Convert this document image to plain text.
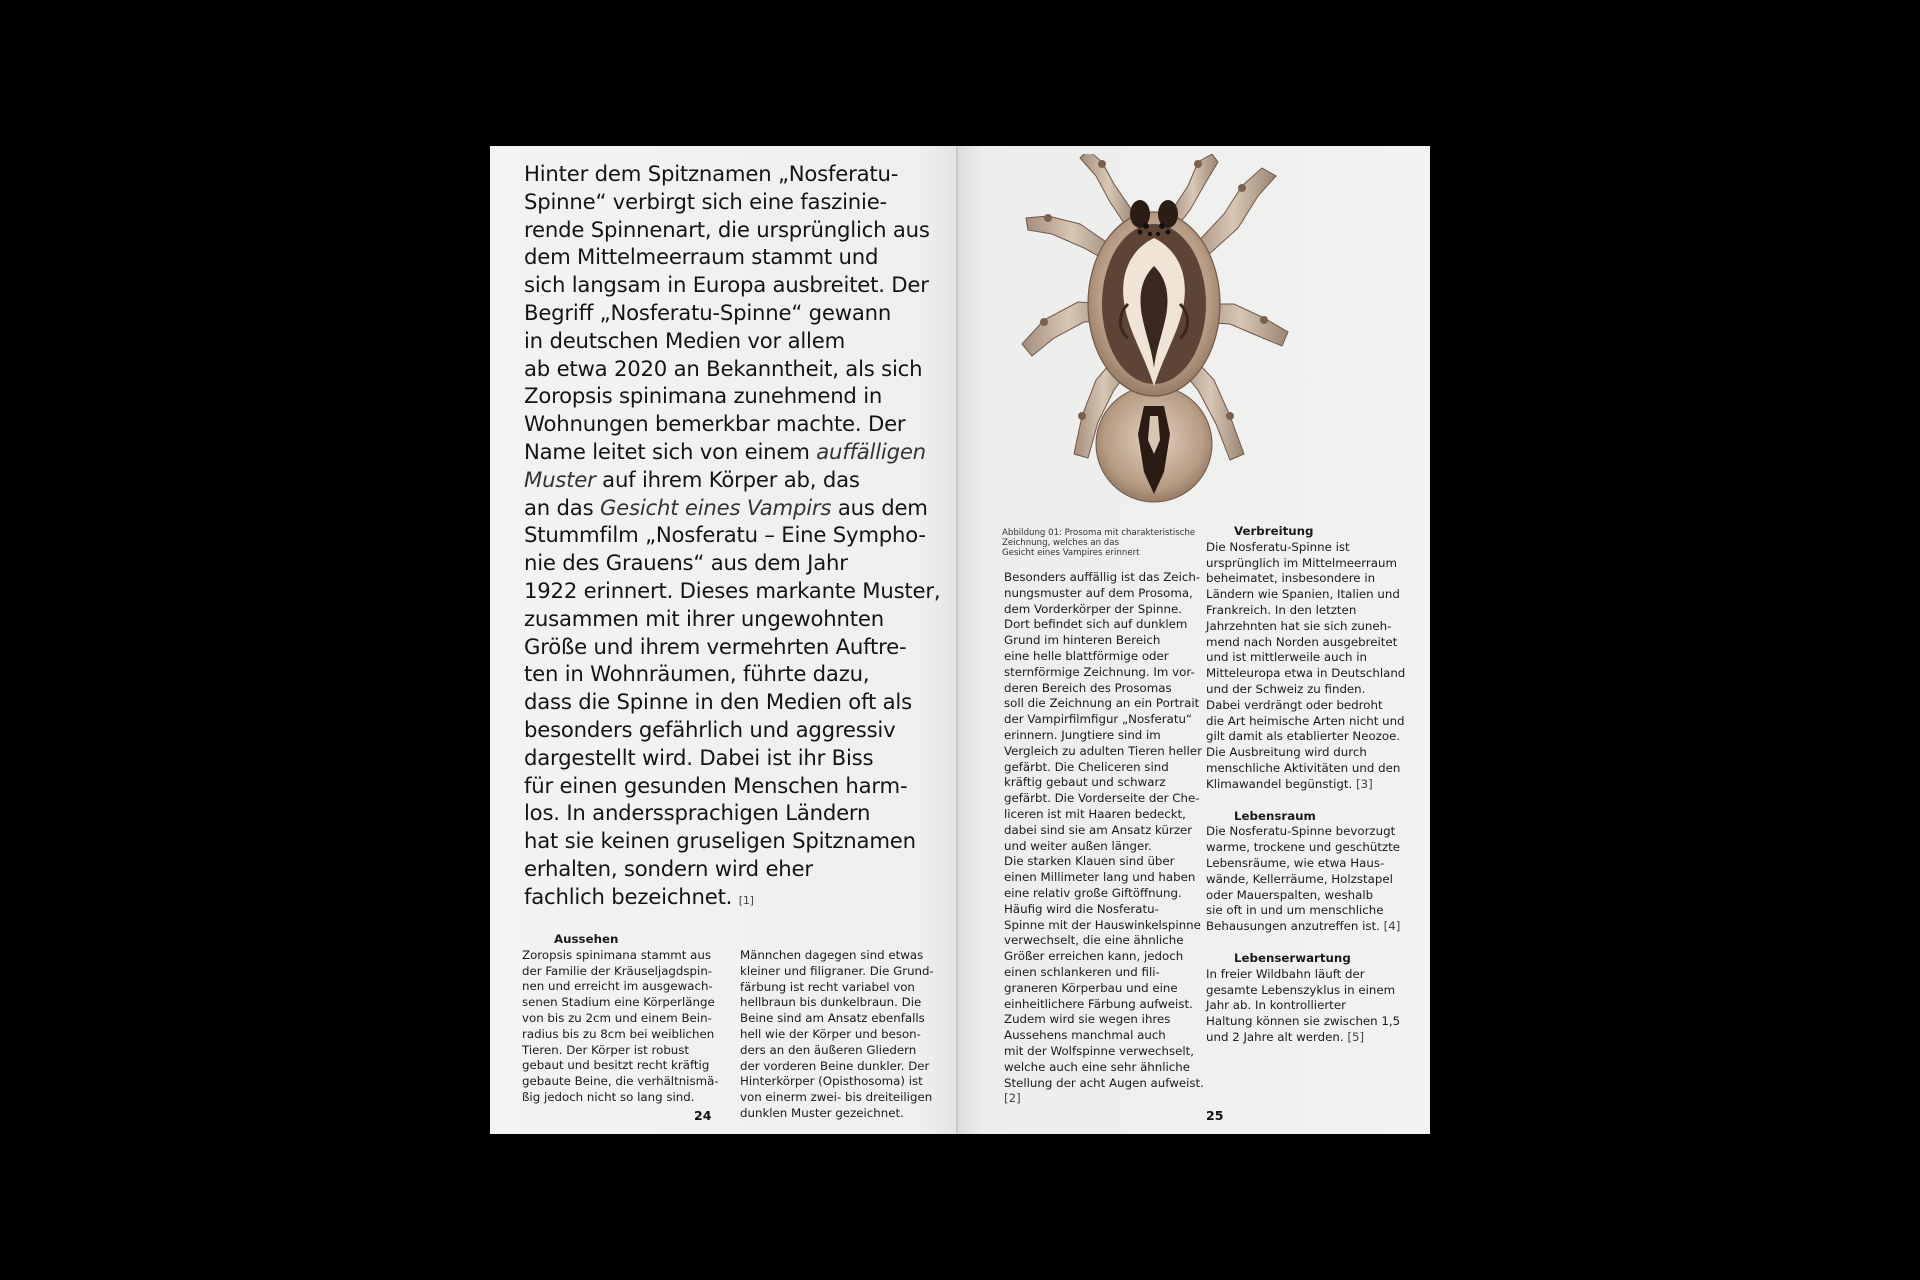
Hinter dem Spitznamen „Nosferatu-
Spinne“ verbirgt sich eine faszinie-
rende Spinnenart, die ursprünglich aus
dem Mittelmeerraum stammt und
sich langsam in Europa ausbreitet. Der
Begriff „Nosferatu-Spinne“ gewann
in deutschen Medien vor allem
ab etwa 2020 an Bekanntheit, als sich
Zoropsis spinimana zunehmend in
Wohnungen bemerkbar machte. Der
Name leitet sich von einem auffälligen
Muster auf ihrem Körper ab, das
an das Gesicht eines Vampirs aus dem
Stummfilm „Nosferatu – Eine Sympho-
nie des Grauens“ aus dem Jahr
1922 erinnert. Dieses markante Muster,
zusammen mit ihrer ungewohnten
Größe und ihrem vermehrten Auftre-
ten in Wohnräumen, führte dazu,
dass die Spinne in den Medien oft als
besonders gefährlich und aggressiv
dargestellt wird. Dabei ist ihr Biss
für einen gesunden Menschen harm-
los. In anderssprachigen Ländern
hat sie keinen gruseligen Spitznamen
erhalten, sondern wird eher
fachlich bezeichnet. [1]
Aussehen
Zoropsis spinimana stammt aus
der Familie der Kräuseljagdspin-
nen und erreicht im ausgewach-
senen Stadium eine Körperlänge
von bis zu 2cm und einem Bein-
radius bis zu 8cm bei weiblichen
Tieren. Der Körper ist robust
gebaut und besitzt recht kräftig
gebaute Beine, die verhältnismä-
ßig jedoch nicht so lang sind.
Männchen dagegen sind etwas
kleiner und filigraner. Die Grund-
färbung ist recht variabel von
hellbraun bis dunkelbraun. Die
Beine sind am Ansatz ebenfalls
hell wie der Körper und beson-
ders an den äußeren Gliedern
der vorderen Beine dunkler. Der
Hinterkörper (Opisthosoma) ist
von einerm zwei- bis dreiteiligen
dunklen Muster gezeichnet.
24
Abbildung 01: Prosoma mit charakteristische
Zeichnung, welches an das
Gesicht eines Vampires erinnert
Besonders auffällig ist das Zeich-
nungsmuster auf dem Prosoma,
dem Vorderkörper der Spinne.
Dort befindet sich auf dunklem
Grund im hinteren Bereich
eine helle blattförmige oder
sternförmige Zeichnung. Im vor-
deren Bereich des Prosomas
soll die Zeichnung an ein Portrait
der Vampirfilmfigur „Nosferatu“
erinnern. Jungtiere sind im
Vergleich zu adulten Tieren heller
gefärbt. Die Cheliceren sind
kräftig gebaut und schwarz
gefärbt. Die Vorderseite der Che-
liceren ist mit Haaren bedeckt,
dabei sind sie am Ansatz kürzer
und weiter außen länger.
Die starken Klauen sind über
einen Millimeter lang und haben
eine relativ große Giftöffnung.
Häufig wird die Nosferatu-
Spinne mit der Hauswinkelspinne
verwechselt, die eine ähnliche
Größer erreichen kann, jedoch
einen schlankeren und fili-
graneren Körperbau und eine
einheitlichere Färbung aufweist.
Zudem wird sie wegen ihres
Aussehens manchmal auch
mit der Wolfspinne verwechselt,
welche auch eine sehr ähnliche
Stellung der acht Augen aufweist.
[2]
Verbreitung
Die Nosferatu-Spinne ist
ursprünglich im Mittelmeerraum
beheimatet, insbesondere in
Ländern wie Spanien, Italien und
Frankreich. In den letzten
Jahrzehnten hat sie sich zuneh-
mend nach Norden ausgebreitet
und ist mittlerweile auch in
Mitteleuropa etwa in Deutschland
und der Schweiz zu finden.
Dabei verdrängt oder bedroht
die Art heimische Arten nicht und
gilt damit als etablierter Neozoe.
Die Ausbreitung wird durch
menschliche Aktivitäten und den
Klimawandel begünstigt. [3]
Lebensraum
Die Nosferatu-Spinne bevorzugt
warme, trockene und geschützte
Lebensräume, wie etwa Haus-
wände, Kellerräume, Holzstapel
oder Mauerspalten, weshalb
sie oft in und um menschliche
Behausungen anzutreffen ist. [4]
Lebenserwartung
In freier Wildbahn läuft der
gesamte Lebenszyklus in einem
Jahr ab. In kontrollierter
Haltung können sie zwischen 1,5
und 2 Jahre alt werden. [5]
25
